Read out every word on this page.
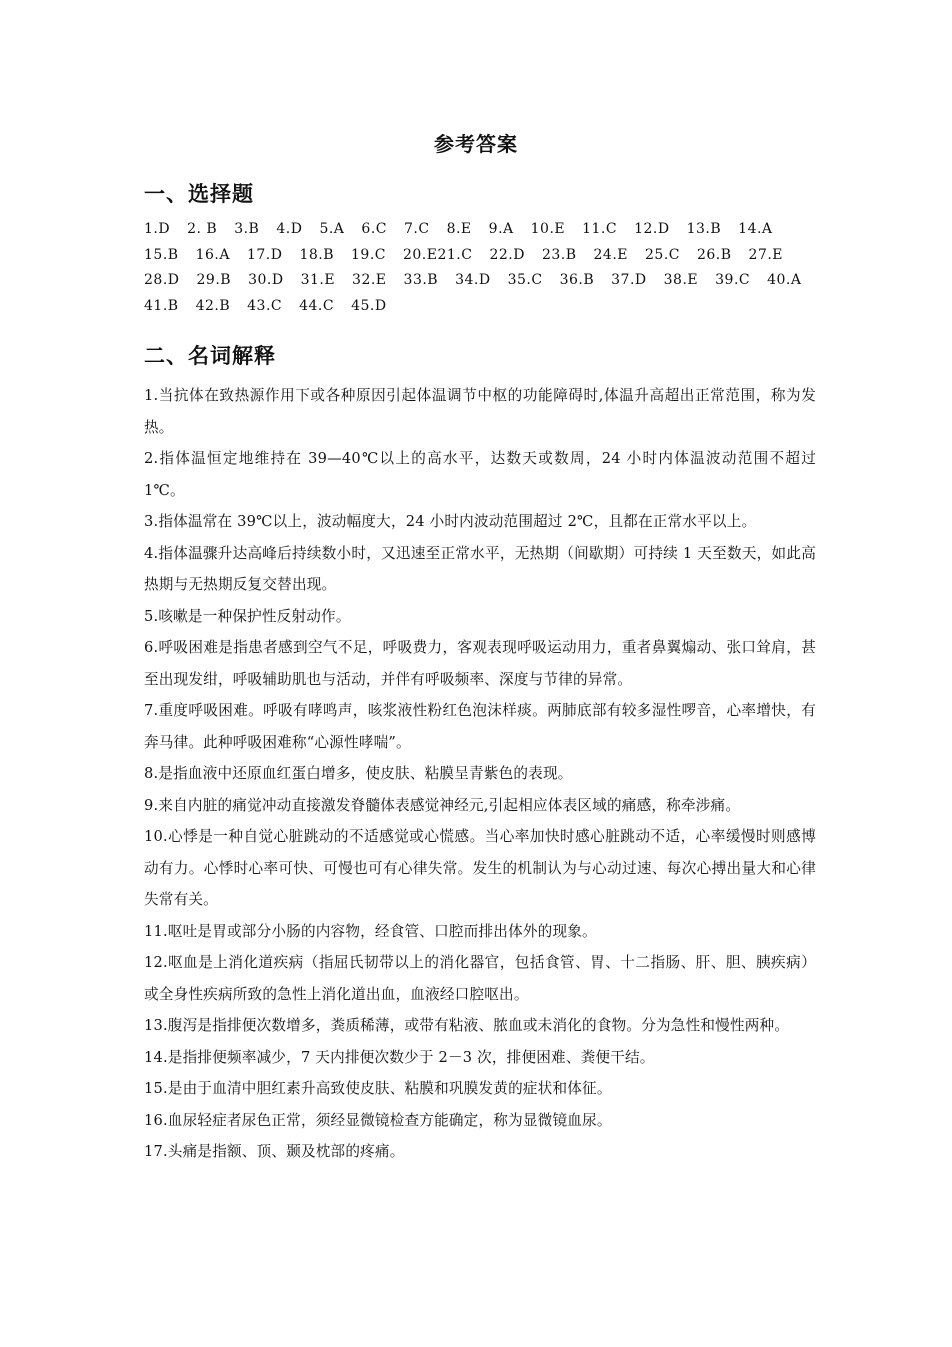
参考答案
一、选择题
1.D 2. B 3.B 4.D 5.A 6.C 7.C 8.E 9.A 10.E 11.C 12.D 13.B 14.A
15.B 16.A 17.D 18.B 19.C 20.E21.C 22.D 23.B 24.E 25.C 26.B 27.E
28.D 29.B 30.D 31.E 32.E 33.B 34.D 35.C 36.B 37.D 38.E 39.C 40.A
41.B 42.B 43.C 44.C 45.D
二、名词解释
1.当抗体在致热源作用下或各种原因引起体温调节中枢的功能障碍时,体温升高超出正常范围，称为发热。
2.指体温恒定地维持在 39—40℃以上的高水平，达数天或数周，24 小时内体温波动范围不超过 1℃。
3.指体温常在 39℃以上，波动幅度大，24 小时内波动范围超过 2℃，且都在正常水平以上。
4.指体温骤升达高峰后持续数小时，又迅速至正常水平，无热期（间歇期）可持续 1 天至数天，如此高热期与无热期反复交替出现。
5.咳嗽是一种保护性反射动作。
6.呼吸困难是指患者感到空气不足，呼吸费力，客观表现呼吸运动用力，重者鼻翼煽动、张口耸肩，甚至出现发绀，呼吸辅助肌也与活动，并伴有呼吸频率、深度与节律的异常。
7.重度呼吸困难。呼吸有哮鸣声，咳浆液性粉红色泡沫样痰。两肺底部有较多湿性啰音，心率增快，有奔马律。此种呼吸困难称“心源性哮喘”。
8.是指血液中还原血红蛋白增多，使皮肤、粘膜呈青紫色的表现。
9.来自内脏的痛觉冲动直接激发脊髓体表感觉神经元,引起相应体表区域的痛感，称牵涉痛。
10.心悸是一种自觉心脏跳动的不适感觉或心慌感。当心率加快时感心脏跳动不适，心率缓慢时则感博动有力。心悸时心率可快、可慢也可有心律失常。发生的机制认为与心动过速、每次心搏出量大和心律失常有关。
11.呕吐是胃或部分小肠的内容物，经食管、口腔而排出体外的现象。
12.呕血是上消化道疾病（指屈氏韧带以上的消化器官，包括食管、胃、十二指肠、肝、胆、胰疾病）或全身性疾病所致的急性上消化道出血，血液经口腔呕出。
13.腹泻是指排便次数增多，粪质稀薄，或带有粘液、脓血或未消化的食物。分为急性和慢性两种。
14.是指排便频率减少，7 天内排便次数少于 2－3 次，排便困难、粪便干结。
15.是由于血清中胆红素升高致使皮肤、粘膜和巩膜发黄的症状和体征。
16.血尿轻症者尿色正常，须经显微镜检查方能确定，称为显微镜血尿。
17.头痛是指额、顶、颞及枕部的疼痛。
